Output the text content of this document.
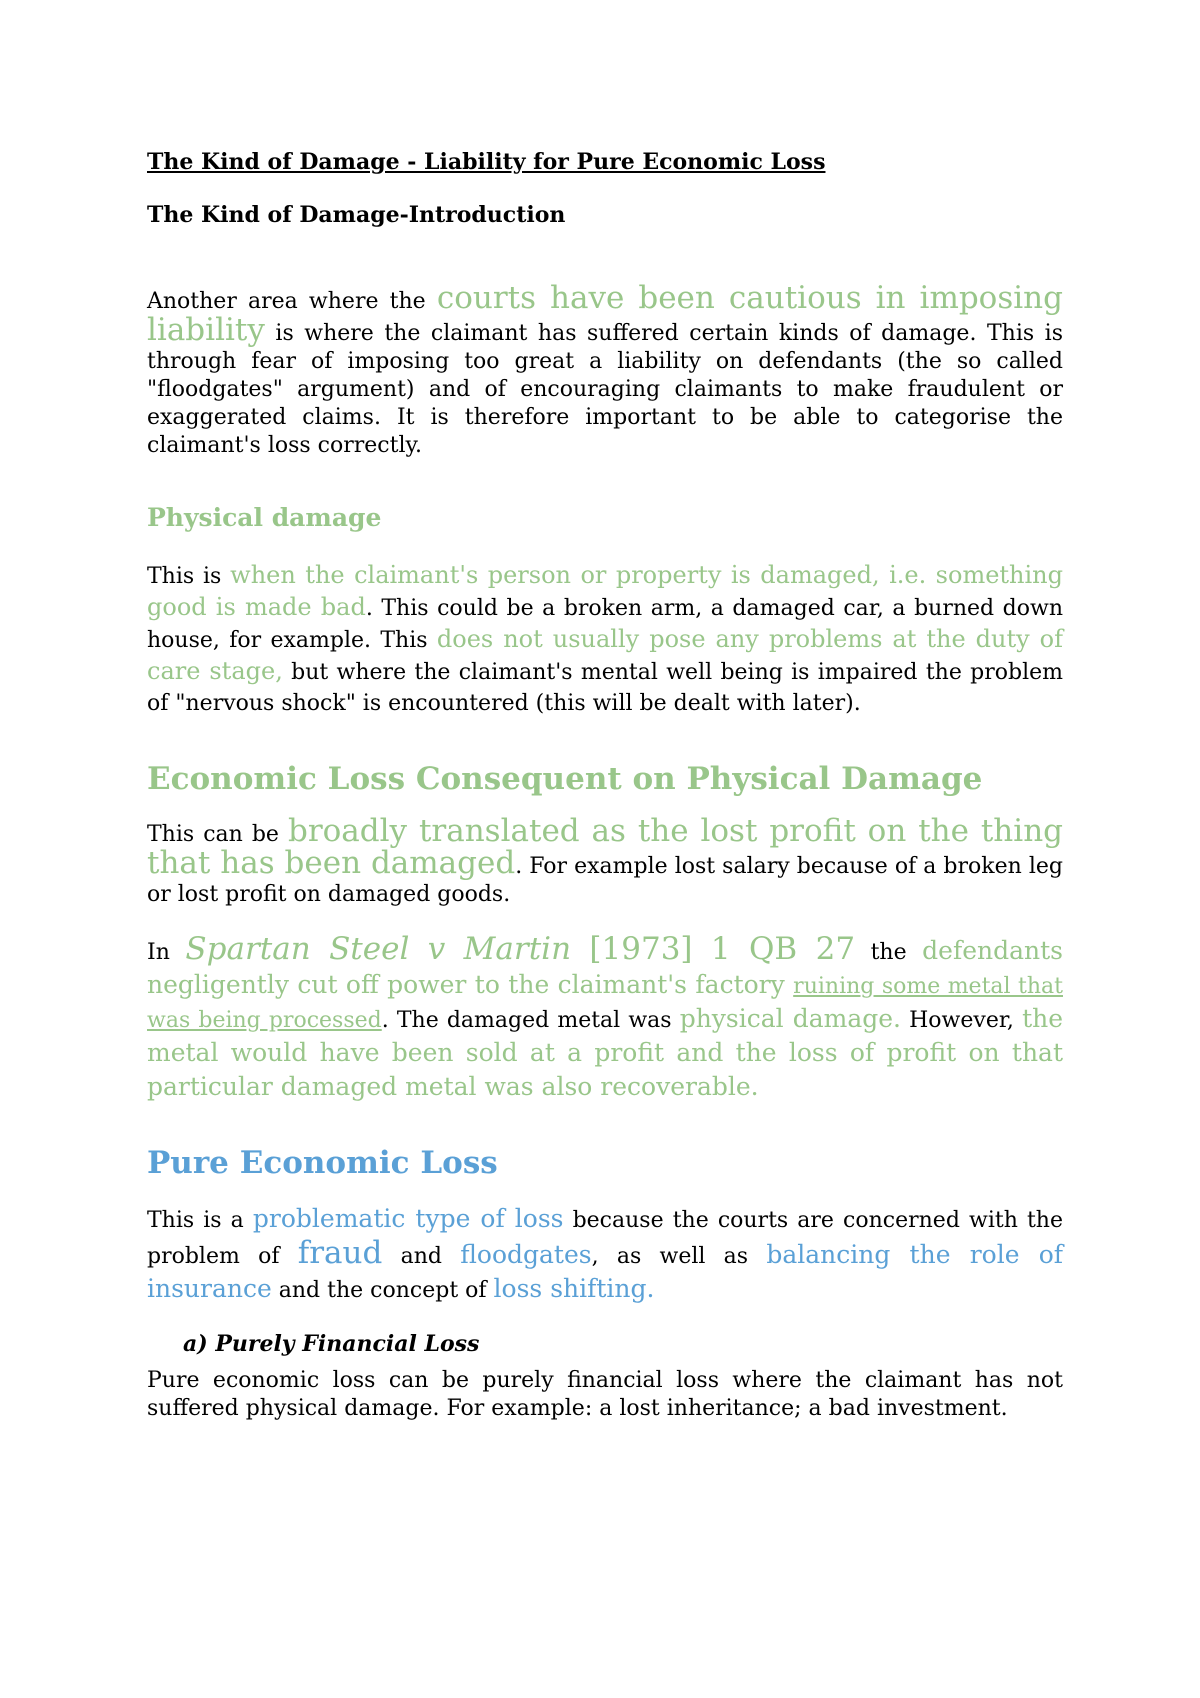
The Kind of Damage - Liability for Pure Economic Loss

The Kind of Damage-Introduction

Another area where the courts have been cautious in imposing liability is where the claimant has suffered certain kinds of damage. This is through fear of imposing too great a liability on defendants (the so called "floodgates" argument) and of encouraging claimants to make fraudulent or exaggerated claims. It is therefore important to be able to categorise the claimant's loss correctly.

Physical damage

This is when the claimant's person or property is damaged, i.e. something good is made bad. This could be a broken arm, a damaged car, a burned down house, for example. This does not usually pose any problems at the duty of care stage, but where the claimant's mental well being is impaired the problem of "nervous shock" is encountered (this will be dealt with later).

Economic Loss Consequent on Physical Damage

This can be broadly translated as the lost profit on the thing that has been damaged. For example lost salary because of a broken leg or lost profit on damaged goods.

In Spartan Steel v Martin [1973] 1 QB 27 the defendants negligently cut off power to the claimant's factory ruining some metal that was being processed. The damaged metal was physical damage. However, the metal would have been sold at a profit and the loss of profit on that particular damaged metal was also recoverable.

Pure Economic Loss

This is a problematic type of loss because the courts are concerned with the problem of fraud and floodgates, as well as balancing the role of insurance and the concept of loss shifting.

a) Purely Financial Loss

Pure economic loss can be purely financial loss where the claimant has not suffered physical damage. For example: a lost inheritance; a bad investment.
